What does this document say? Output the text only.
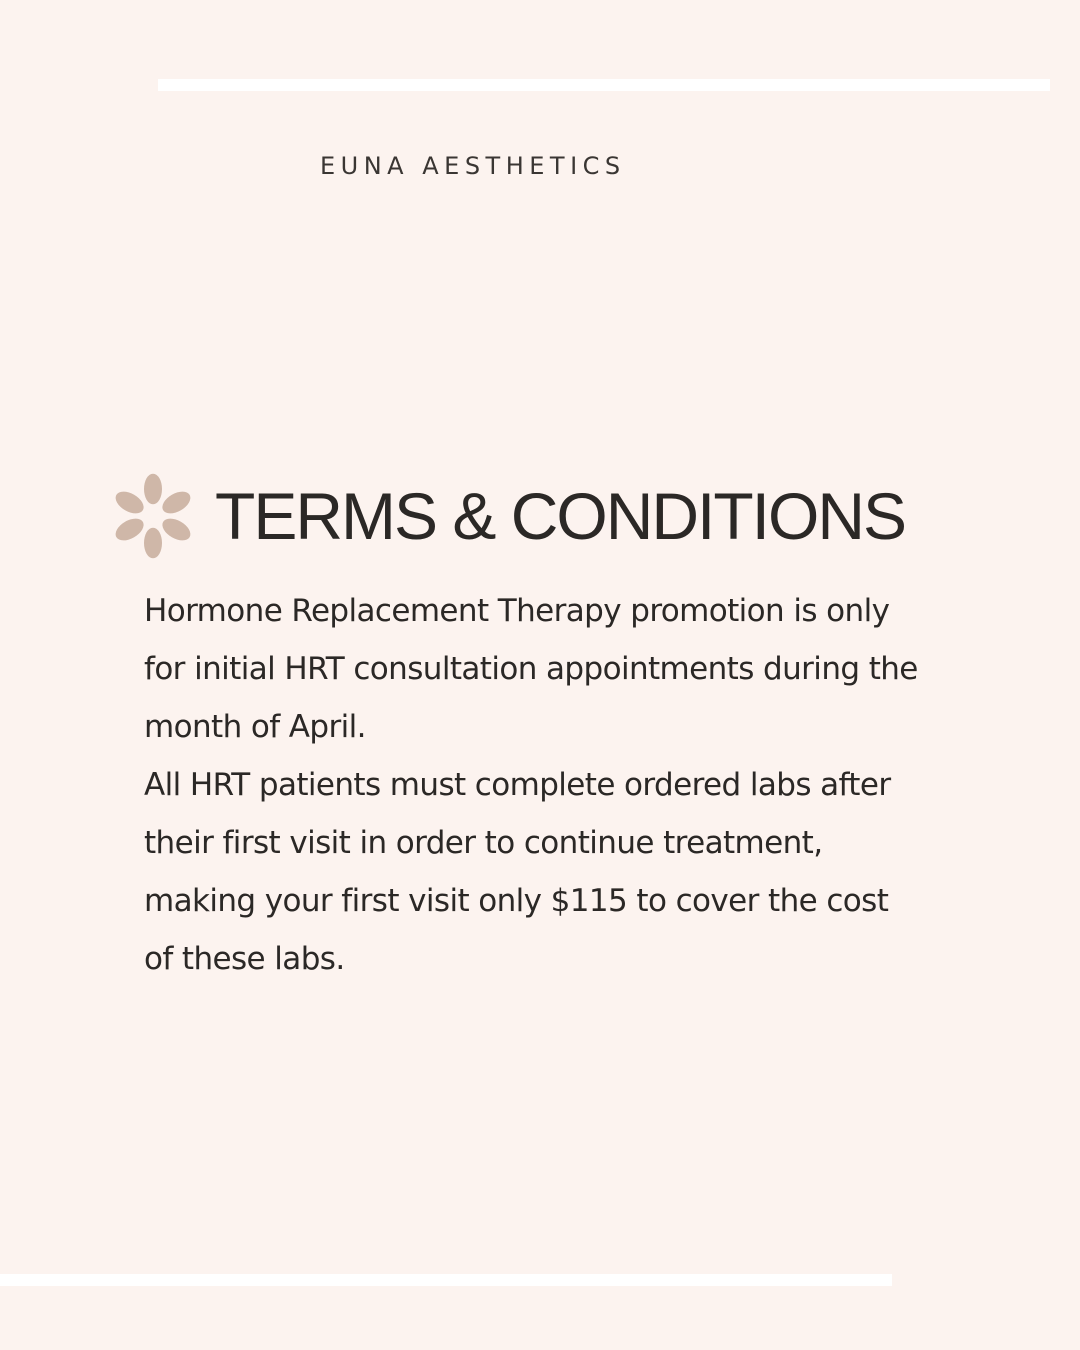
EUNA AESTHETICS
TERMS & CONDITIONS

Hormone Replacement Therapy promotion is only for initial HRT consultation appointments during the month of April.

All HRT patients must complete ordered labs after their first visit in order to continue treatment, making your first visit only $115 to cover the cost of these labs.
